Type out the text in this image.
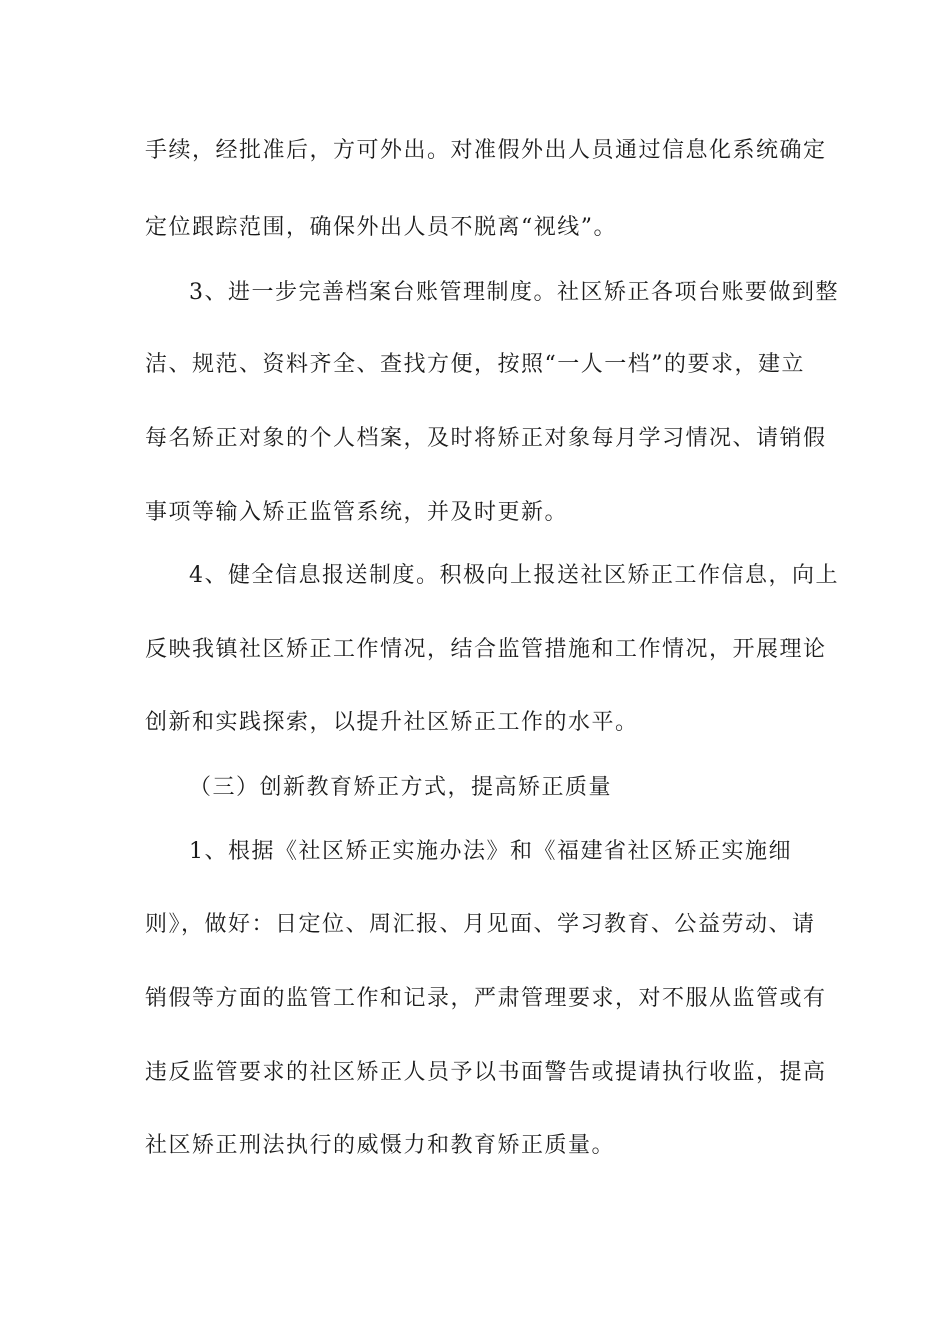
手续，经批准后，方可外出。对准假外出人员通过信息化系统确定
定位跟踪范围，确保外出人员不脱离“视线”。
3、进一步完善档案台账管理制度。社区矫正各项台账要做到整
洁、规范、资料齐全、查找方便，按照“一人一档”的要求，建立
每名矫正对象的个人档案，及时将矫正对象每月学习情况、请销假
事项等输入矫正监管系统，并及时更新。
4、健全信息报送制度。积极向上报送社区矫正工作信息，向上
反映我镇社区矫正工作情况，结合监管措施和工作情况，开展理论
创新和实践探索，以提升社区矫正工作的水平。
（三）创新教育矫正方式，提高矫正质量
1、根据《社区矫正实施办法》和《福建省社区矫正实施细
则》，做好：日定位、周汇报、月见面、学习教育、公益劳动、请
销假等方面的监管工作和记录，严肃管理要求，对不服从监管或有
违反监管要求的社区矫正人员予以书面警告或提请执行收监，提高
社区矫正刑法执行的威慑力和教育矫正质量。
